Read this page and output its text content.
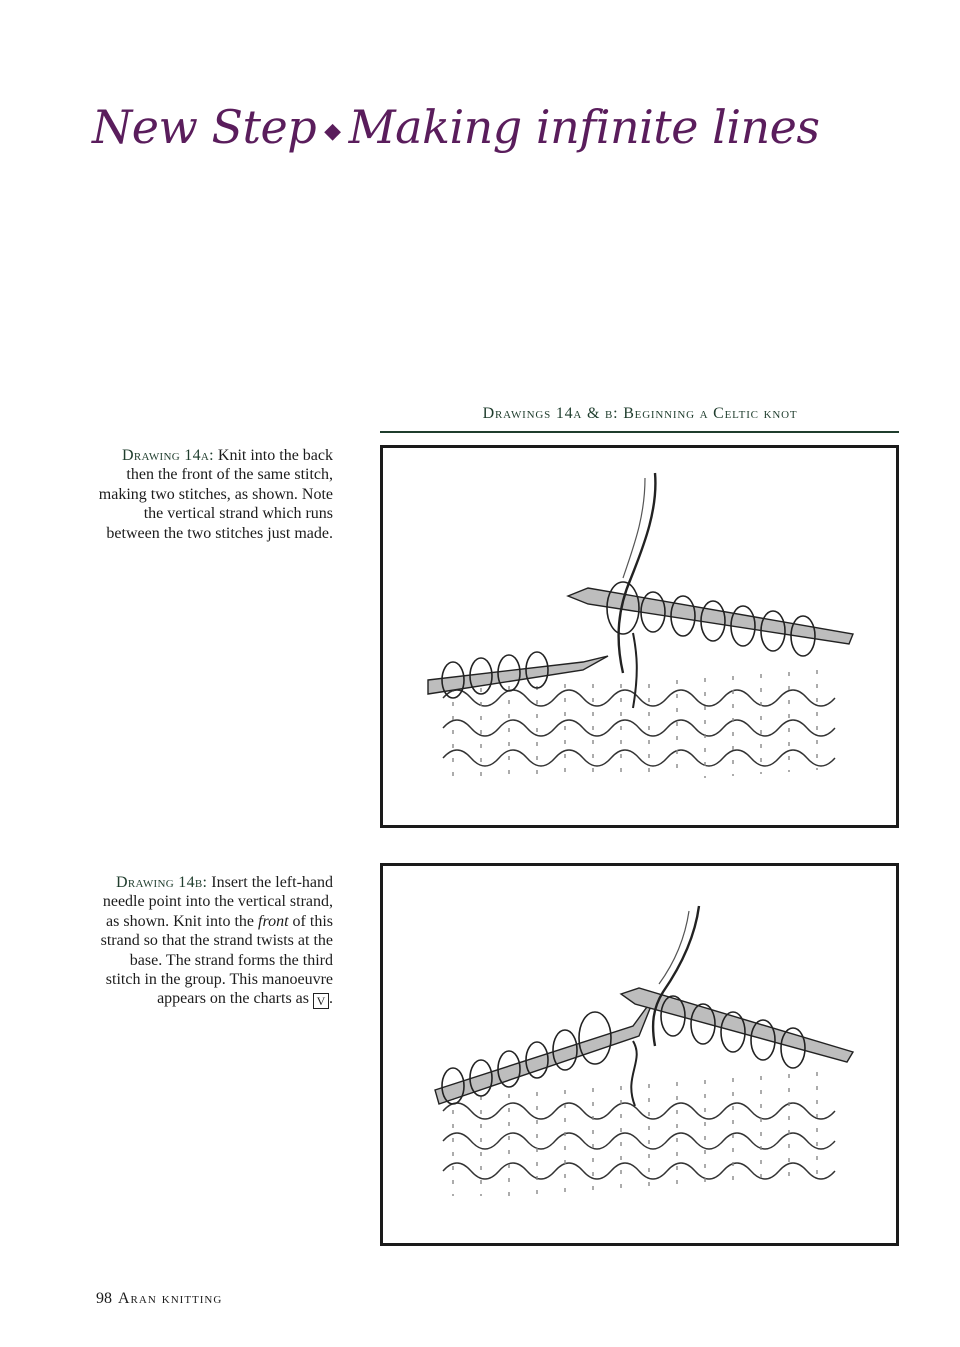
New Step ◆ Making infinite lines
Drawings 14a & b: Beginning a Celtic knot
Drawing 14a: Knit into the back then the front of the same stitch, making two stitches, as shown. Note the vertical strand which runs between the two stitches just made.
Drawing 14b: Insert the left-hand needle point into the vertical strand, as shown. Knit into the front of this strand so that the strand twists at the base. The strand forms the third stitch in the group. This manoeuvre appears on the charts as V .
98 Aran knitting
